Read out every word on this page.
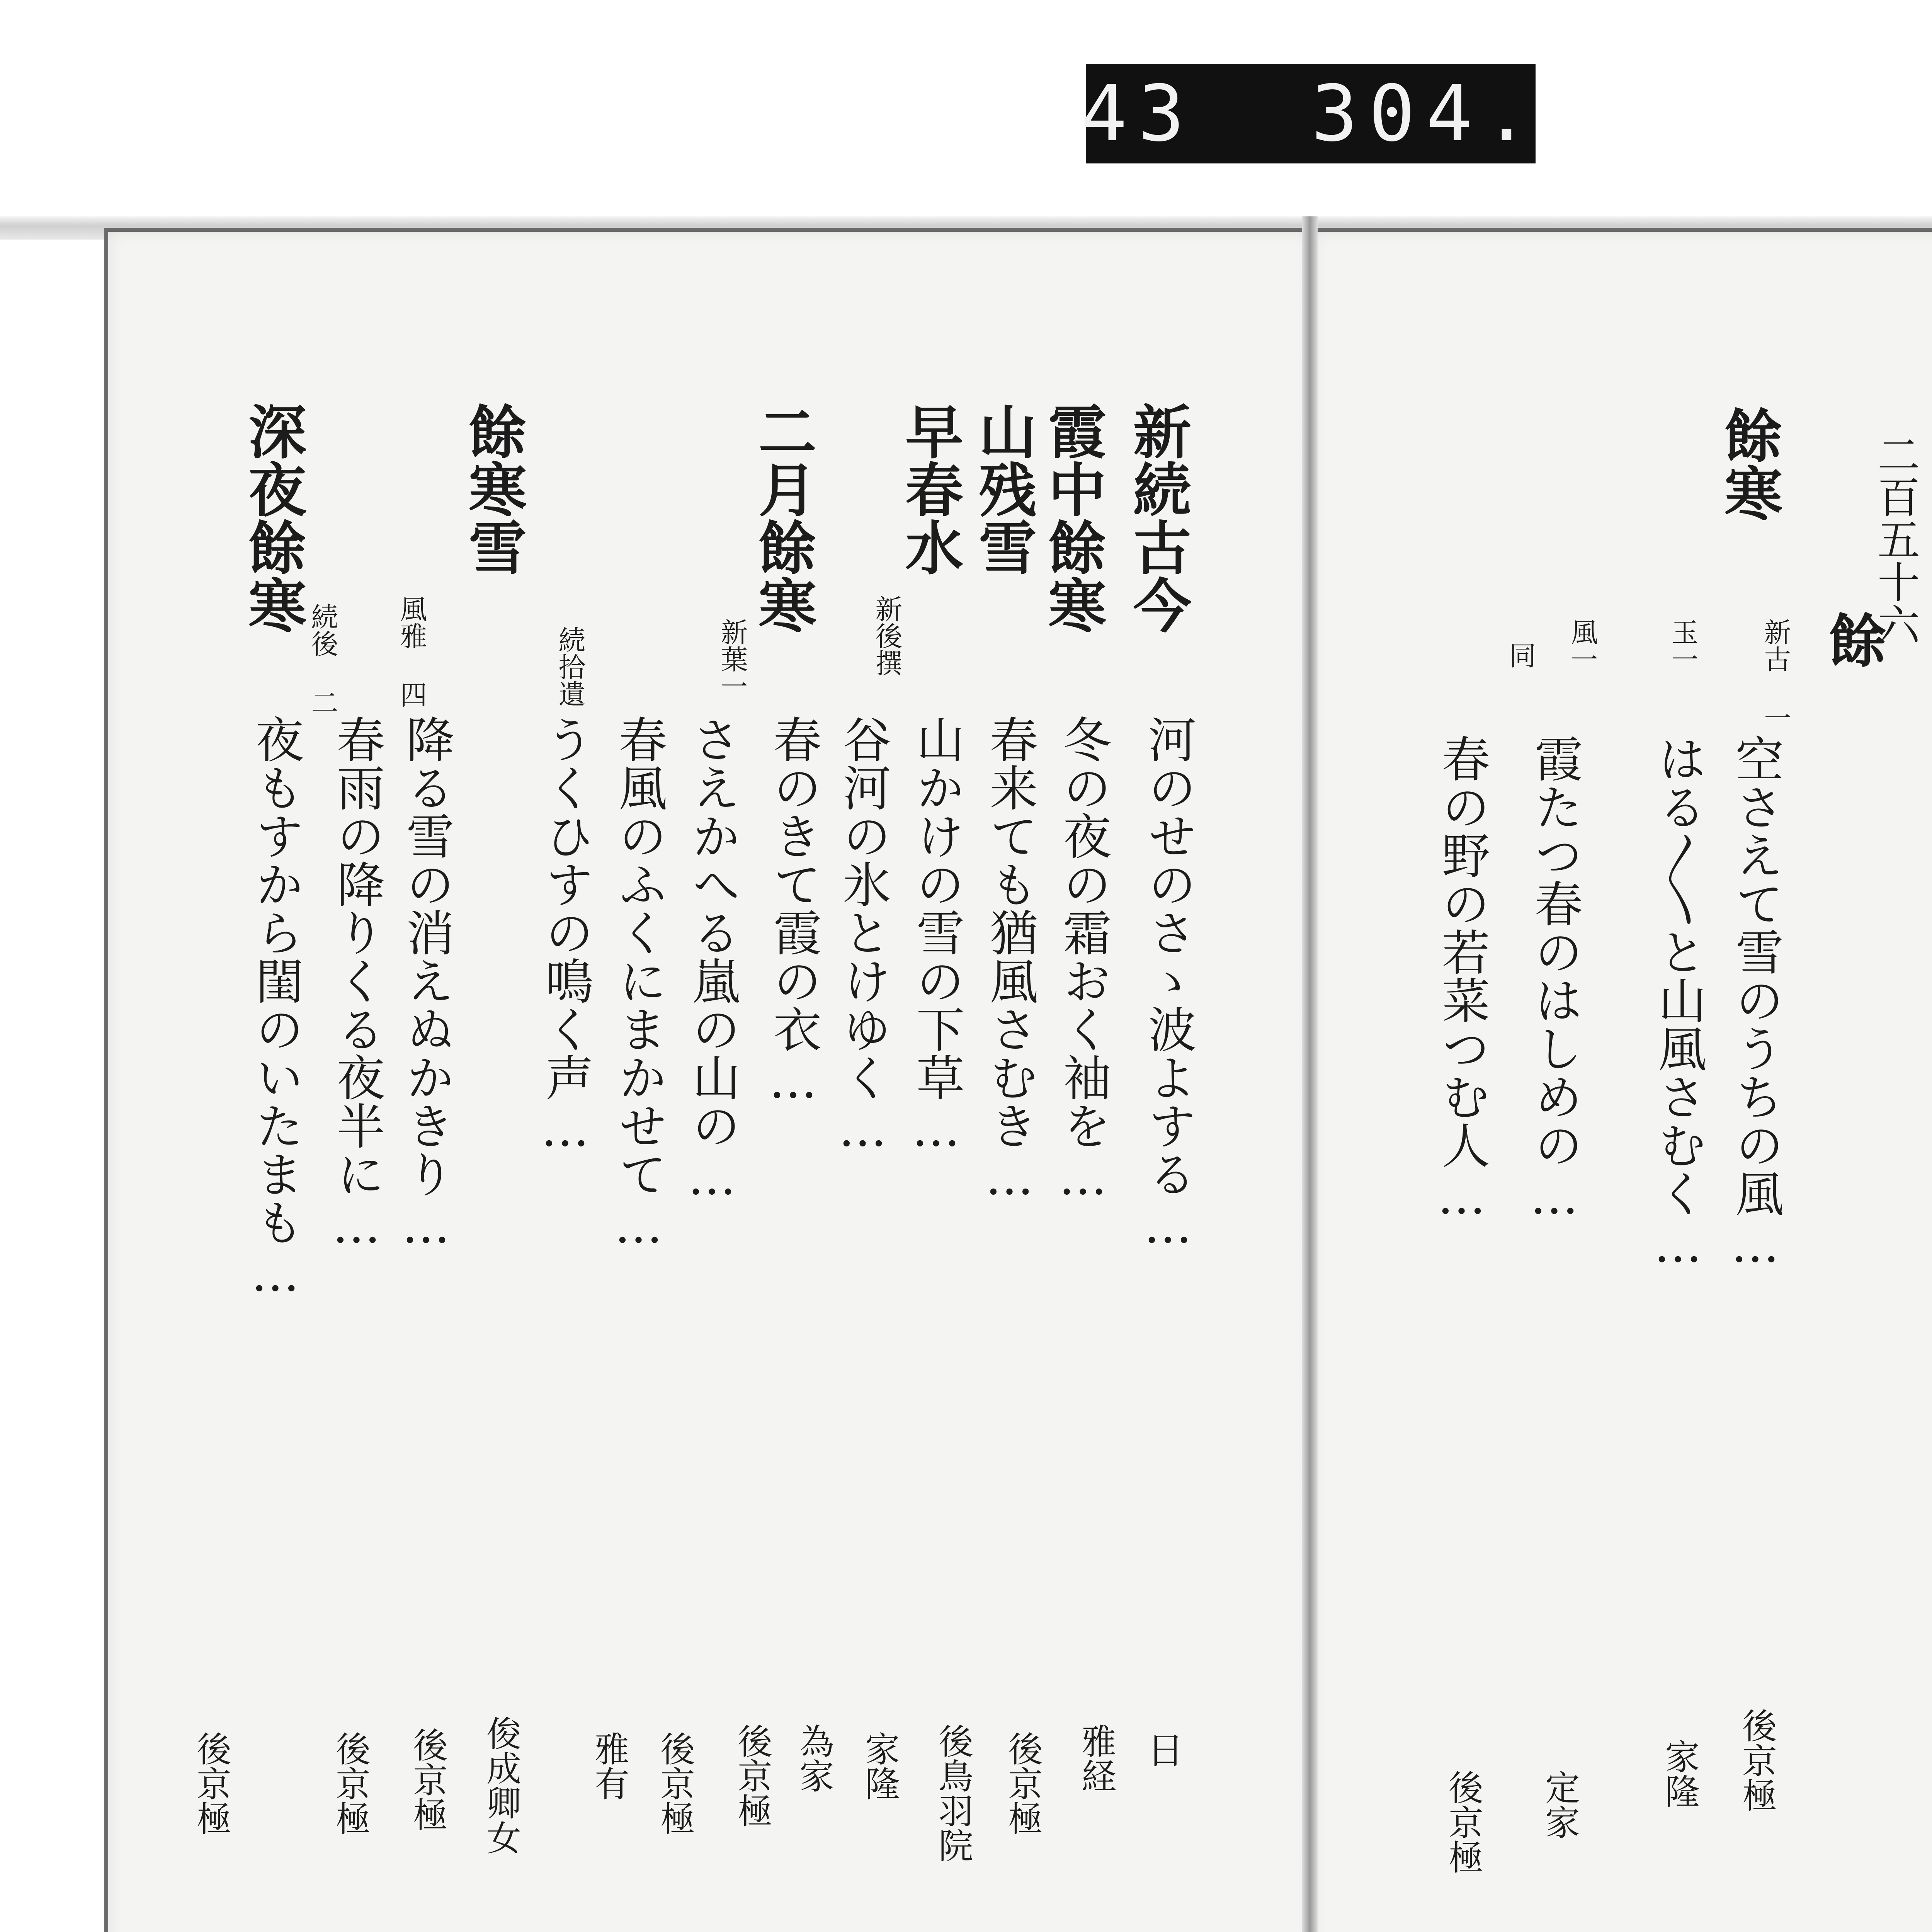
43 304.
二百五十六
餘
餘寒
新古 一
空さえて雪のうちの風…
後京極
玉一
はる〳〵と山風さむく…
家隆
風一
霞たつ春のはしめの…
定家
同
春の野の若菜つむ人…
後京極
日
新続古今
河のせのさゝ波よする…
雅経
冬の夜の霜おく袖を…
後京極
霞中餘寒
春来ても猶風さむき…
後鳥羽院
山残雪
山かけの雪の下草…
家隆
早春水
新後撰
谷河の氷とけゆく…
為家
春のきて霞の衣…
後京極
二月餘寒
新葉一
さえかへる嵐の山の…
後京極
春風のふくにまかせて…
雅有
続拾遺
うくひすの鳴く声…
俊成卿女
餘寒雪
降る雪の消えぬかきり…
後京極
風雅 四
春雨の降りくる夜半に…
後京極
深夜餘寒
続後 二
夜もすから閨のいたまも…
後京極
